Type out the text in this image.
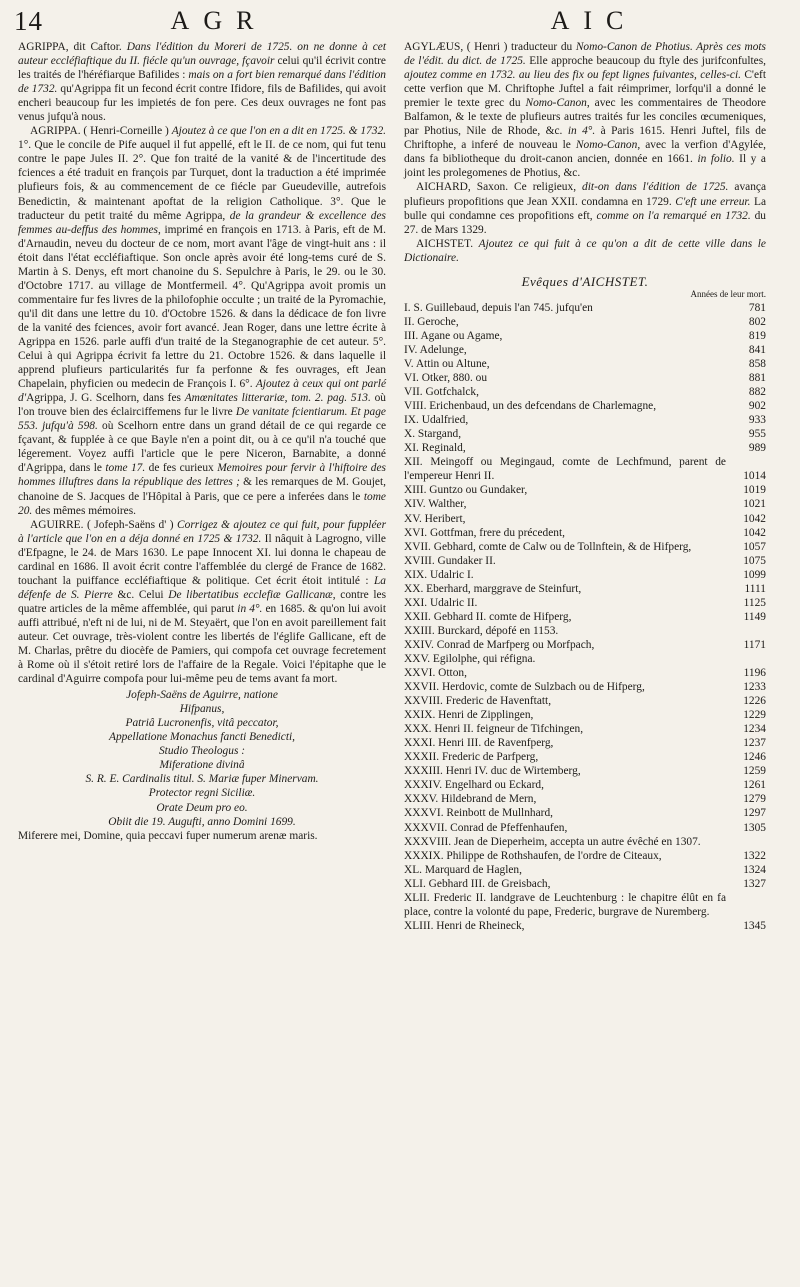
14	AGR	AIC

AGRIPPA, dit Caftor. Dans l'édition du Moreri de 1725. on ne donne à cet auteur eccléfiaftique du II. fiécle qu'un ouvrage, fçavoir celui qu'il écrivit contre les traités de l'héréfiarque Bafilides : mais on a fort bien remarqué dans l'édition de 1732. qu'Agrippa fit un fecond écrit contre Ifidore, fils de Bafilides, qui avoit encheri beaucoup fur les impietés de fon pere. Ces deux ouvrages ne font pas venus jufqu'à nous.

AGRIPPA. ( Henri-Corneille ) Ajoutez à ce que l'on en a dit en 1725. & 1732. 1°. Que le concile de Pife auquel il fut appellé, eft le II. de ce nom, qui fut tenu contre le pape Jules II. 2°. Que fon traité de la vanité & de l'incertitude des fciences a été traduit en françois par Turquet, dont la traduction a été imprimée plufieurs fois, & au commencement de ce fiécle par Gueudeville, autrefois Benedictin, & maintenant apoftat de la religion Catholique. 3°. Que le traducteur du petit traité du même Agrippa, de la grandeur & excellence des femmes au-deffus des hommes, imprimé en françois en 1713. à Paris, eft de M. d'Arnaudin, neveu du docteur de ce nom, mort avant l'âge de vingt-huit ans : il étoit dans l'état eccléfiaftique. Son oncle après avoir été long-tems curé de S. Martin à S. Denys, eft mort chanoine du S. Sepulchre à Paris, le 29. ou le 30. d'Octobre 1717. au village de Montfermeil. 4°. Qu'Agrippa avoit promis un commentaire fur fes livres de la philofophie occulte ; un traité de la Pyromachie, qu'il dit dans une lettre du 10. d'Octobre 1526. & dans la dédicace de fon livre de la vanité des fciences, avoir fort avancé. Jean Roger, dans une lettre écrite à Agrippa en 1526. parle auffi d'un traité de la Steganographie de cet auteur. 5°. Celui à qui Agrippa écrivit fa lettre du 21. Octobre 1526. & dans laquelle il apprend plufieurs particularités fur fa perfonne & fes ouvrages, eft Jean Chapelain, phyficien ou medecin de François I. 6°. Ajoutez à ceux qui ont parlé d'Agrippa, J. G. Scelhorn, dans fes Amœnitates litterariæ, tom. 2. pag. 513. où l'on trouve bien des éclairciffemens fur le livre De vanitate fcientiarum. Et page 553. jufqu'à 598. où Scelhorn entre dans un grand détail de ce qui regarde ce fçavant, & fupplée à ce que Bayle n'en a point dit, ou à ce qu'il n'a touché que légerement. Voyez auffi l'article que le pere Niceron, Barnabite, a donné d'Agrippa, dans le tome 17. de fes curieux Memoires pour fervir à l'hiftoire des hommes illuftres dans la république des lettres ; & les remarques de M. Goujet, chanoine de S. Jacques de l'Hôpital à Paris, que ce pere a inferées dans le tome 20. des mêmes mémoires.

AGUIRRE. ( Jofeph-Saëns d' ) Corrigez & ajoutez ce qui fuit, pour fuppléer à l'article que l'on en a déja donné en 1725 & 1732. Il nâquit à Lagrogno, ville d'Efpagne, le 24. de Mars 1630. Le pape Innocent XI. lui donna le chapeau de cardinal en 1686. Il avoit écrit contre l'affemblée du clergé de France de 1682. touchant la puiffance eccléfiaftique & politique. Cet écrit étoit intitulé : La défenfe de S. Pierre &c. Celui De libertatibus ecclefiæ Gallicanæ, contre les quatre articles de la même affemblée, qui parut in 4°. en 1685. & qu'on lui avoit auffi attribué, n'eft ni de lui, ni de M. Steyaërt, que l'on en avoit pareillement fait auteur. Cet ouvrage, très-violent contre les libertés de l'églife Gallicane, eft de M. Charlas, prêtre du diocèfe de Pamiers, qui compofa cet ouvrage fecretement à Rome où il s'étoit retiré lors de l'affaire de la Regale. Voici l'épitaphe que le cardinal d'Aguirre compofa pour lui-même peu de tems avant fa mort.

Jofeph-Saëns de Aguirre, natione
Hifpanus,
Patriâ Lucronenfis, vitâ peccator,
Appellatione Monachus fancti Benedicti,
Studio Theologus :
Miferatione divinâ
S. R. E. Cardinalis titul. S. Mariæ fuper Minervam.
Protector regni Siciliæ.
Orate Deum pro eo.
Obiit die 19. Augufti, anno Domini 1699.

Miferere mei, Domine, quia peccavi fuper numerum arenæ maris.

AGYLÆUS, ( Henri ) traducteur du Nomo-Canon de Photius. Après ces mots de l'édit. du dict. de 1725. Elle approche beaucoup du ftyle des jurifconfultes, ajoutez comme en 1732. au lieu des fix ou fept lignes fuivantes, celles-ci. C'eft cette verfion que M. Chriftophe Juftel a fait réimprimer, lorfqu'il a donné le premier le texte grec du Nomo-Canon, avec les commentaires de Theodore Balfamon, & le texte de plufieurs autres traités fur les conciles œcumeniques, par Photius, Nile de Rhode, &c. in 4°. à Paris 1615. Henri Juftel, fils de Chriftophe, a inferé de nouveau le Nomo-Canon, avec la verfion d'Agylée, dans fa bibliotheque du droit-canon ancien, donnée en 1661. in folio. Il y a joint les prolegomenes de Photius, &c.

AICHARD, Saxon. Ce religieux, dit-on dans l'édition de 1725. avança plufieurs propofitions que Jean XXII. condamna en 1729. C'eft une erreur. La bulle qui condamne ces propofitions eft, comme on l'a remarqué en 1732. du 27. de Mars 1329.

AICHSTET. Ajoutez ce qui fuit à ce qu'on a dit de cette ville dans le Dictionaire.

Evêques d'AICHSTET.
Années de leur mort.
I. S. Guillebaud, depuis l'an 745. jufqu'en	781
II. Geroche,	802
III. Agane ou Agame,	819
IV. Adelunge,	841
V. Attin ou Altune,	858
VI. Otker, 880. ou	881
VII. Gotfchalck,	882
VIII. Erichenbaud, un des defcendans de Charlemagne,	902
IX. Udalfried,	933
X. Stargand,	955
XI. Reginald,	989
XII. Meingoff ou Megingaud, comte de Lechfmund, parent de l'empereur Henri II.	1014
XIII. Guntzo ou Gundaker,	1019
XIV. Walther,	1021
XV. Heribert,	1042
XVI. Gottfman, frere du précedent,	1042
XVII. Gebhard, comte de Calw ou de Tollnftein, & de Hifperg,	1057
XVIII. Gundaker II.	1075
XIX. Udalric I.	1099
XX. Eberhard, marggrave de Steinfurt,	1111
XXI. Udalric II.	1125
XXII. Gebhard II. comte de Hifperg,	1149
XXIII. Burckard, dépofé en 1153.
XXIV. Conrad de Marfperg ou Morfpach,	1171
XXV. Egilolphe, qui réfigna.
XXVI. Otton,	1196
XXVII. Herdovic, comte de Sulzbach ou de Hifperg,	1233
XXVIII. Frederic de Havenftatt,	1226
XXIX. Henri de Zipplingen,	1229
XXX. Henri II. feigneur de Tifchingen,	1234
XXXI. Henri III. de Ravenfperg,	1237
XXXII. Frederic de Parfperg,	1246
XXXIII. Henri IV. duc de Wirtemberg,	1259
XXXIV. Engelhard ou Eckard,	1261
XXXV. Hildebrand de Mern,	1279
XXXVI. Reinbott de Mullnhard,	1297
XXXVII. Conrad de Pfeffenhaufen,	1305
XXXVIII. Jean de Dieperheim, accepta un autre évêché en 1307.
XXXIX. Philippe de Rothshaufen, de l'ordre de Citeaux,	1322
XL. Marquard de Haglen,	1324
XLI. Gebhard III. de Greisbach,	1327
XLII. Frederic II. landgrave de Leuchtenburg : le chapitre élût en fa place, contre la volonté du pape, Frederic, burgrave de Nuremberg.
XLIII. Henri de Rheineck,	1345
